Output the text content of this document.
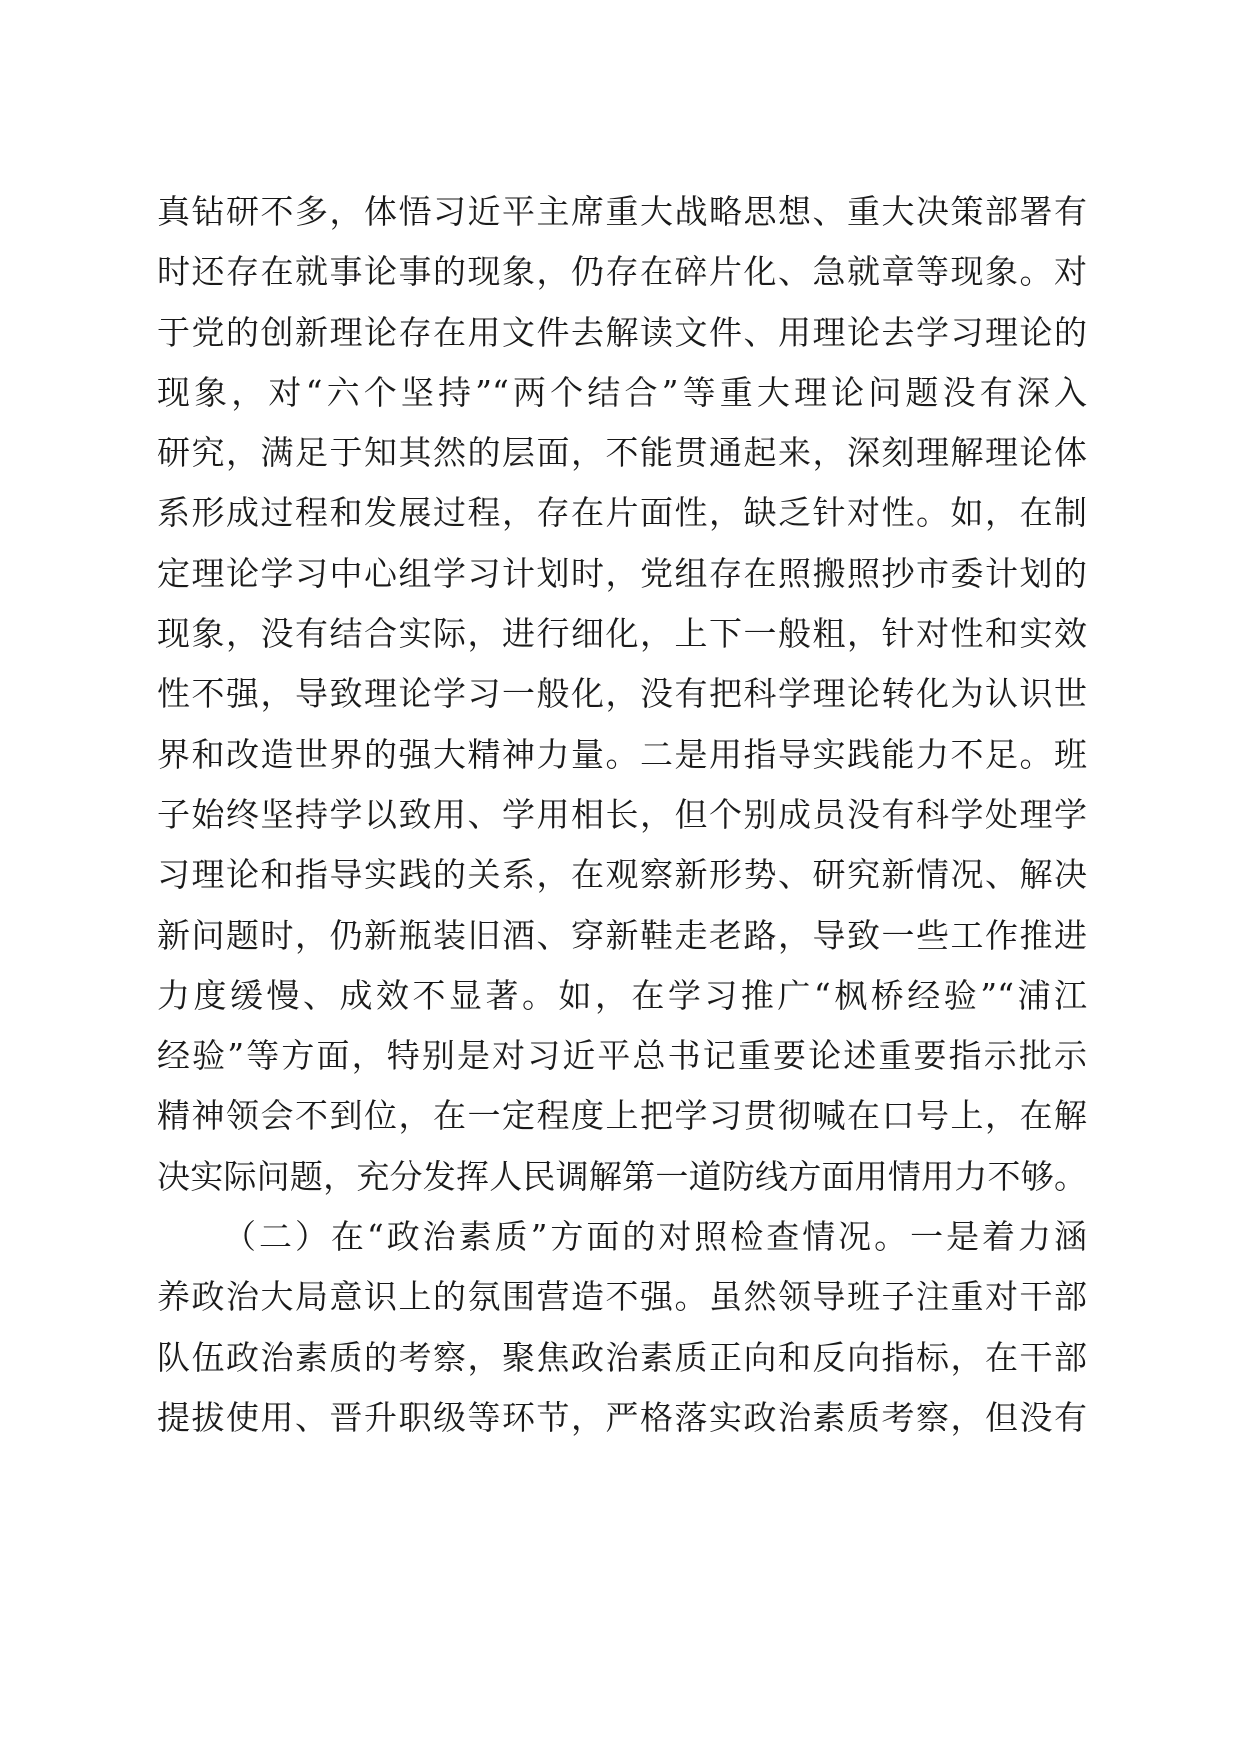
真钻研不多，体悟习近平主席重大战略思想、重大决策部署有
时还存在就事论事的现象，仍存在碎片化、急就章等现象。对
于党的创新理论存在用文件去解读文件、用理论去学习理论的
现象，对“六个坚持”“两个结合”等重大理论问题没有深入
研究，满足于知其然的层面，不能贯通起来，深刻理解理论体
系形成过程和发展过程，存在片面性，缺乏针对性。如，在制
定理论学习中心组学习计划时，党组存在照搬照抄市委计划的
现象，没有结合实际，进行细化，上下一般粗，针对性和实效
性不强，导致理论学习一般化，没有把科学理论转化为认识世
界和改造世界的强大精神力量。二是用指导实践能力不足。班
子始终坚持学以致用、学用相长，但个别成员没有科学处理学
习理论和指导实践的关系，在观察新形势、研究新情况、解决
新问题时，仍新瓶装旧酒、穿新鞋走老路，导致一些工作推进
力度缓慢、成效不显著。如，在学习推广“枫桥经验”“浦江
经验”等方面，特别是对习近平总书记重要论述重要指示批示
精神领会不到位，在一定程度上把学习贯彻喊在口号上，在解
决实际问题，充分发挥人民调解第一道防线方面用情用力不够。
（二）在“政治素质”方面的对照检查情况。一是着力涵
养政治大局意识上的氛围营造不强。虽然领导班子注重对干部
队伍政治素质的考察，聚焦政治素质正向和反向指标，在干部
提拔使用、晋升职级等环节，严格落实政治素质考察，但没有
